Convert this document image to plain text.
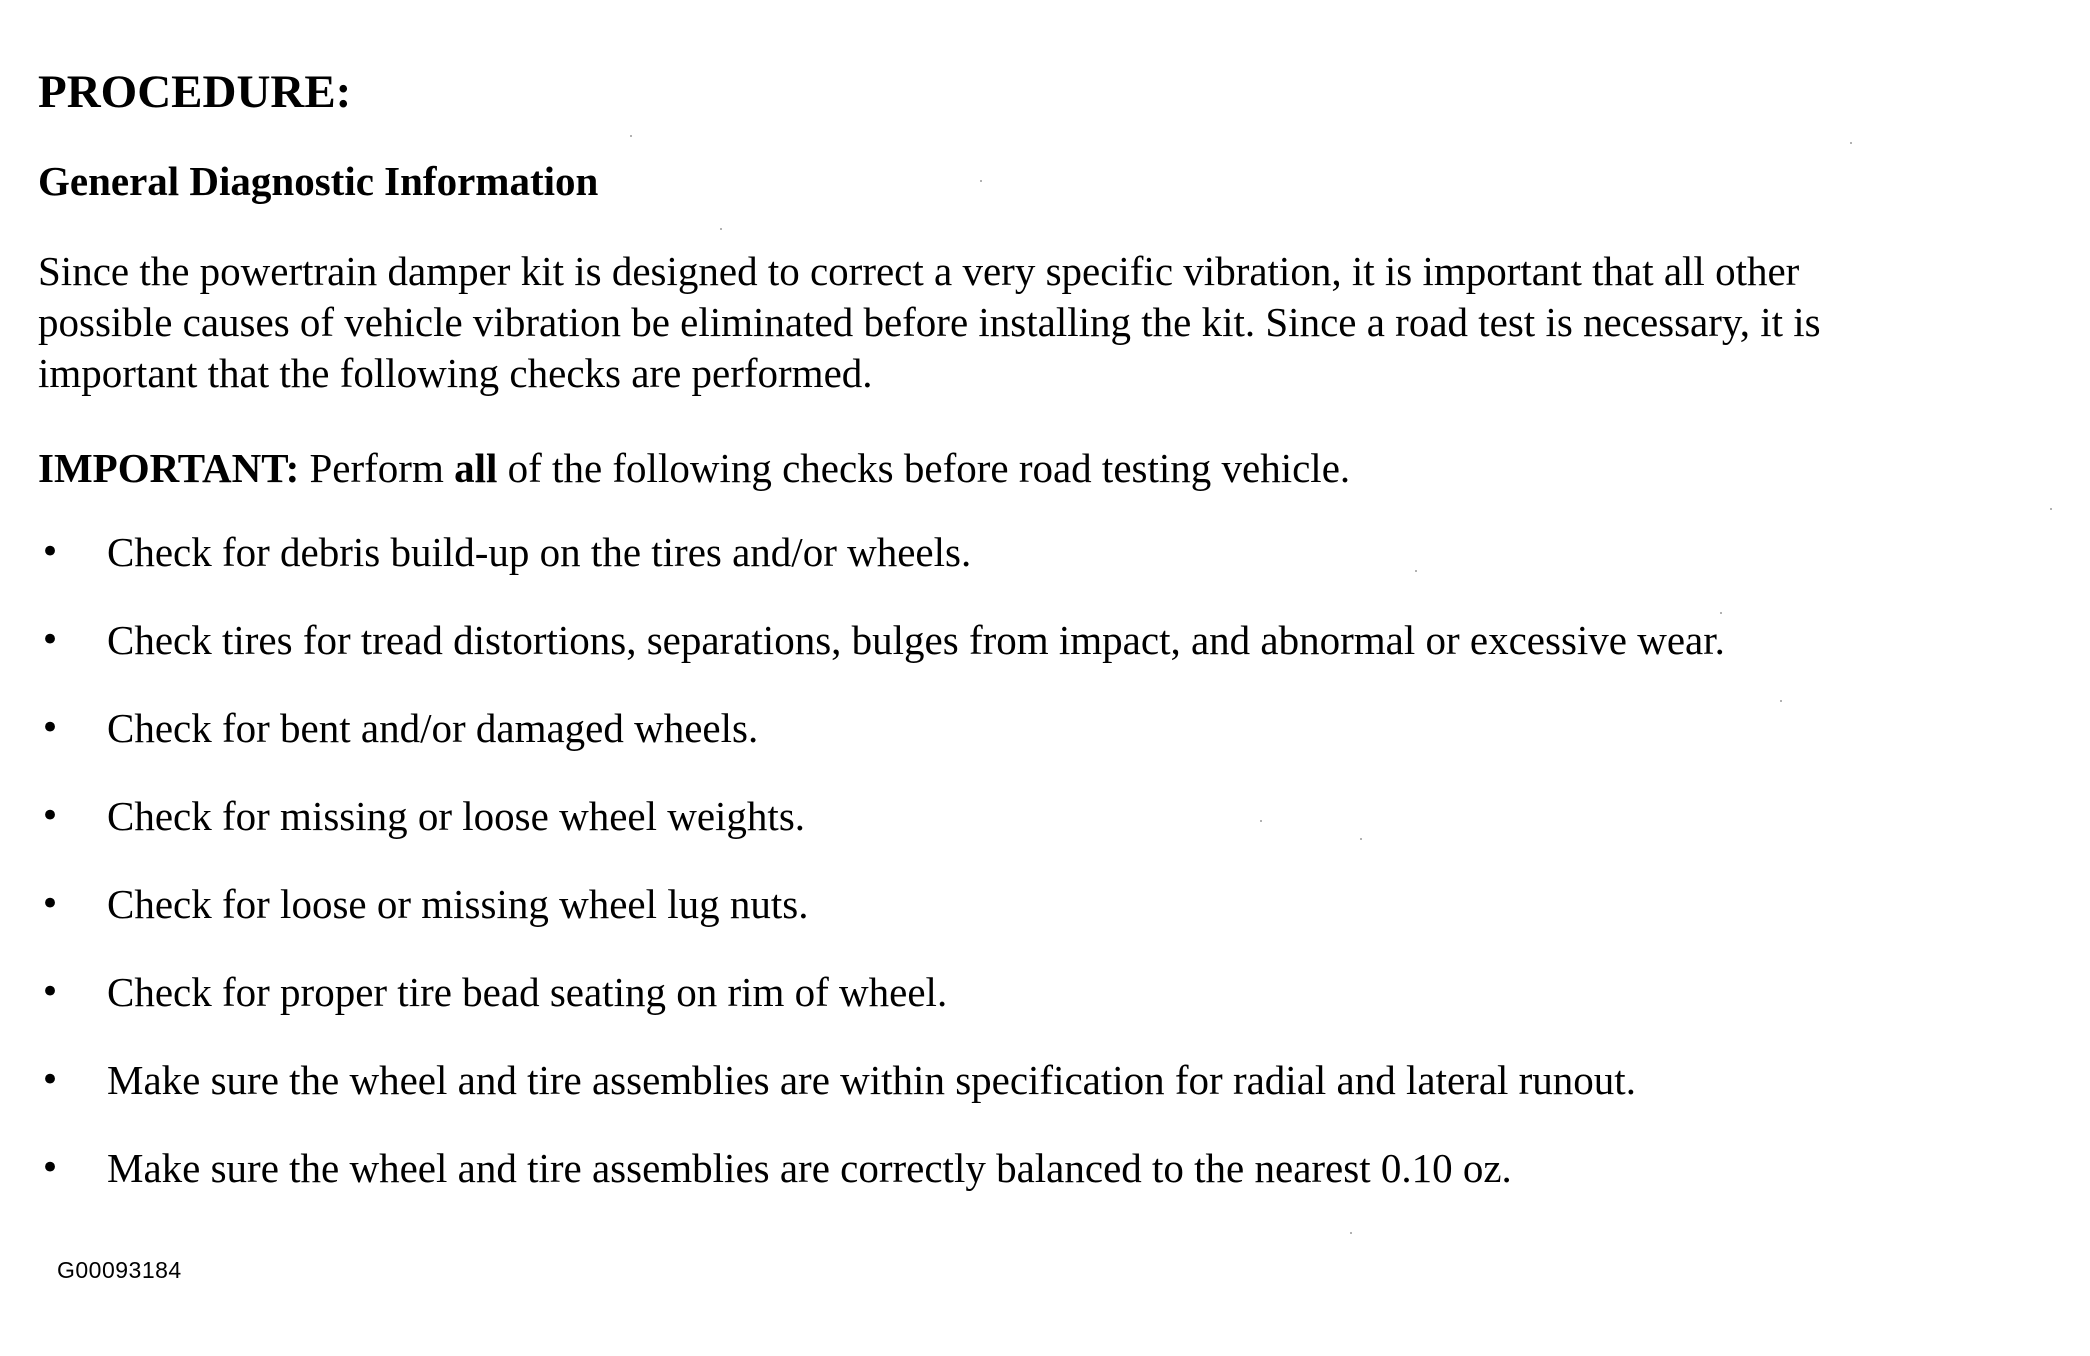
PROCEDURE:
General Diagnostic Information

Since the powertrain damper kit is designed to correct a very specific vibration, it is important that all other
possible causes of vehicle vibration be eliminated before installing the kit. Since a road test is necessary, it is
important that the following checks are performed.

IMPORTANT: Perform all of the following checks before road testing vehicle.

• Check for debris build-up on the tires and/or wheels.
• Check tires for tread distortions, separations, bulges from impact, and abnormal or excessive wear.
• Check for bent and/or damaged wheels.
• Check for missing or loose wheel weights.
• Check for loose or missing wheel lug nuts.
• Check for proper tire bead seating on rim of wheel.
• Make sure the wheel and tire assemblies are within specification for radial and lateral runout.
• Make sure the wheel and tire assemblies are correctly balanced to the nearest 0.10 oz.

G00093184
